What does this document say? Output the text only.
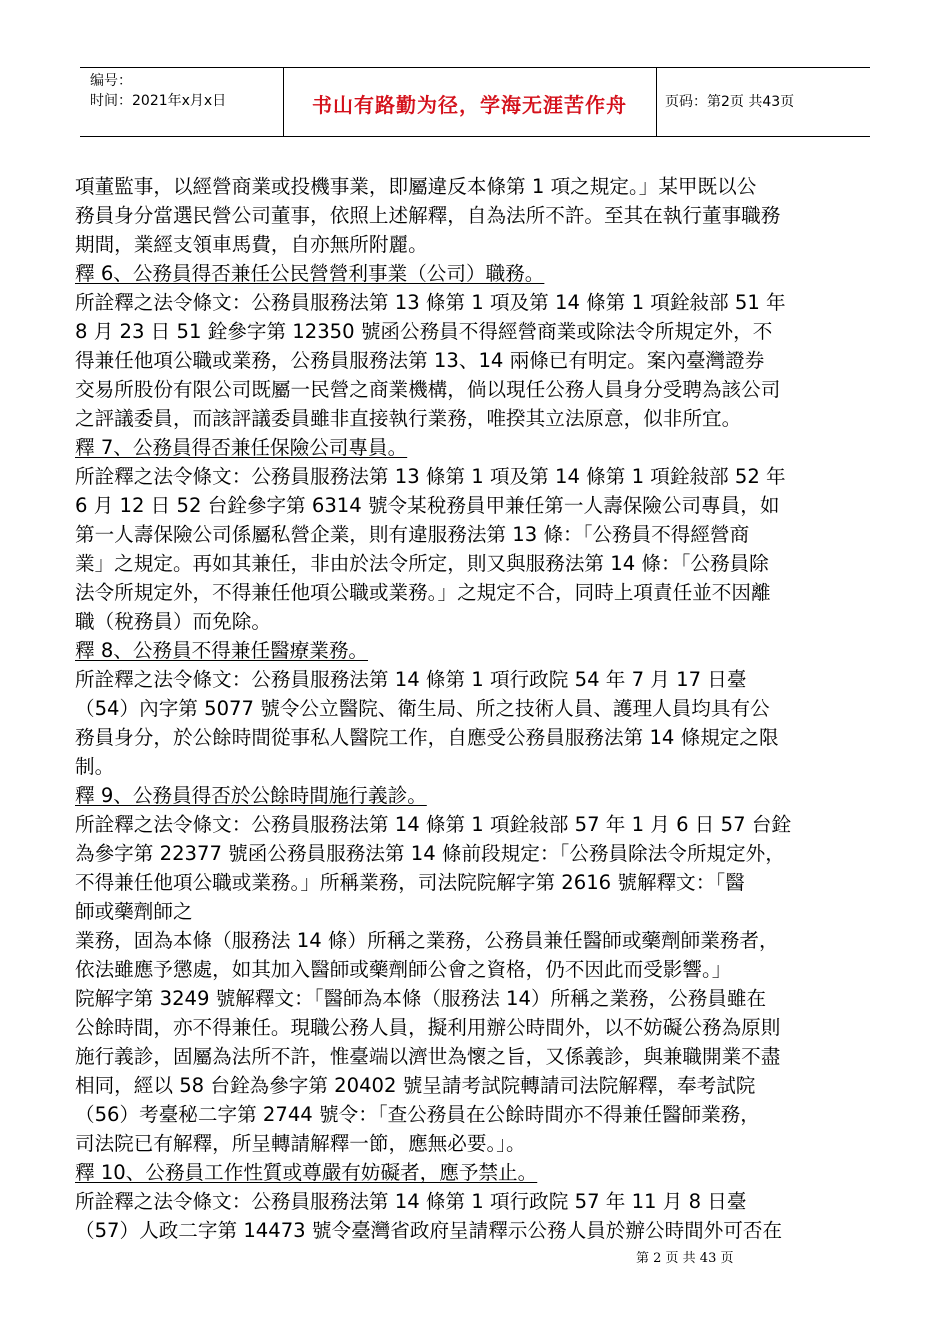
编号：
时间：2021年x月x日	书山有路勤为径，学海无涯苦作舟	页码：第2页 共43页
項董監事，以經營商業或投機事業，即屬違反本條第 1 項之規定。」某甲既以公
務員身分當選民營公司董事，依照上述解釋，自為法所不許。至其在執行董事職務
期間，業經支領車馬費，自亦無所附麗。
釋 6、公務員得否兼任公民營營利事業（公司）職務。
所詮釋之法令條文：公務員服務法第 13 條第 1 項及第 14 條第 1 項銓敍部 51 年
8 月 23 日 51 銓參字第 12350 號函公務員不得經營商業或除法令所規定外，不
得兼任他項公職或業務，公務員服務法第 13、14 兩條已有明定。案內臺灣證券
交易所股份有限公司既屬一民營之商業機構，倘以現任公務人員身分受聘為該公司
之評議委員，而該評議委員雖非直接執行業務，唯揆其立法原意，似非所宜。
釋 7、公務員得否兼任保險公司專員。
所詮釋之法令條文：公務員服務法第 13 條第 1 項及第 14 條第 1 項銓敍部 52 年
6 月 12 日 52 台銓參字第 6314 號令某稅務員甲兼任第一人壽保險公司專員，如
第一人壽保險公司係屬私營企業，則有違服務法第 13 條：「公務員不得經營商
業」之規定。再如其兼任，非由於法令所定，則又與服務法第 14 條：「公務員除
法令所規定外，不得兼任他項公職或業務。」之規定不合，同時上項責任並不因離
職（稅務員）而免除。
釋 8、公務員不得兼任醫療業務。
所詮釋之法令條文：公務員服務法第 14 條第 1 項行政院 54 年 7 月 17 日臺
（54）內字第 5077 號令公立醫院、衛生局、所之技術人員、護理人員均具有公
務員身分，於公餘時間從事私人醫院工作，自應受公務員服務法第 14 條規定之限
制。
釋 9、公務員得否於公餘時間施行義診。
所詮釋之法令條文：公務員服務法第 14 條第 1 項銓敍部 57 年 1 月 6 日 57 台銓
為參字第 22377 號函公務員服務法第 14 條前段規定：「公務員除法令所規定外，
不得兼任他項公職或業務。」所稱業務，司法院院解字第 2616 號解釋文：「醫
師或藥劑師之
業務，固為本條（服務法 14 條）所稱之業務，公務員兼任醫師或藥劑師業務者，
依法雖應予懲處，如其加入醫師或藥劑師公會之資格，仍不因此而受影響。」
院解字第 3249 號解釋文：「醫師為本條（服務法 14）所稱之業務，公務員雖在
公餘時間，亦不得兼任。現職公務人員，擬利用辦公時間外，以不妨礙公務為原則
施行義診，固屬為法所不許，惟臺端以濟世為懷之旨，又係義診，與兼職開業不盡
相同，經以 58 台銓為參字第 20402 號呈請考試院轉請司法院解釋，奉考試院
（56）考臺秘二字第 2744 號令：「查公務員在公餘時間亦不得兼任醫師業務，
司法院已有解釋，所呈轉請解釋一節，應無必要。」。
釋 10、公務員工作性質或尊嚴有妨礙者，應予禁止。
所詮釋之法令條文：公務員服務法第 14 條第 1 項行政院 57 年 11 月 8 日臺
（57）人政二字第 14473 號令臺灣省政府呈請釋示公務人員於辦公時間外可否在
第 2 页 共 43 页
